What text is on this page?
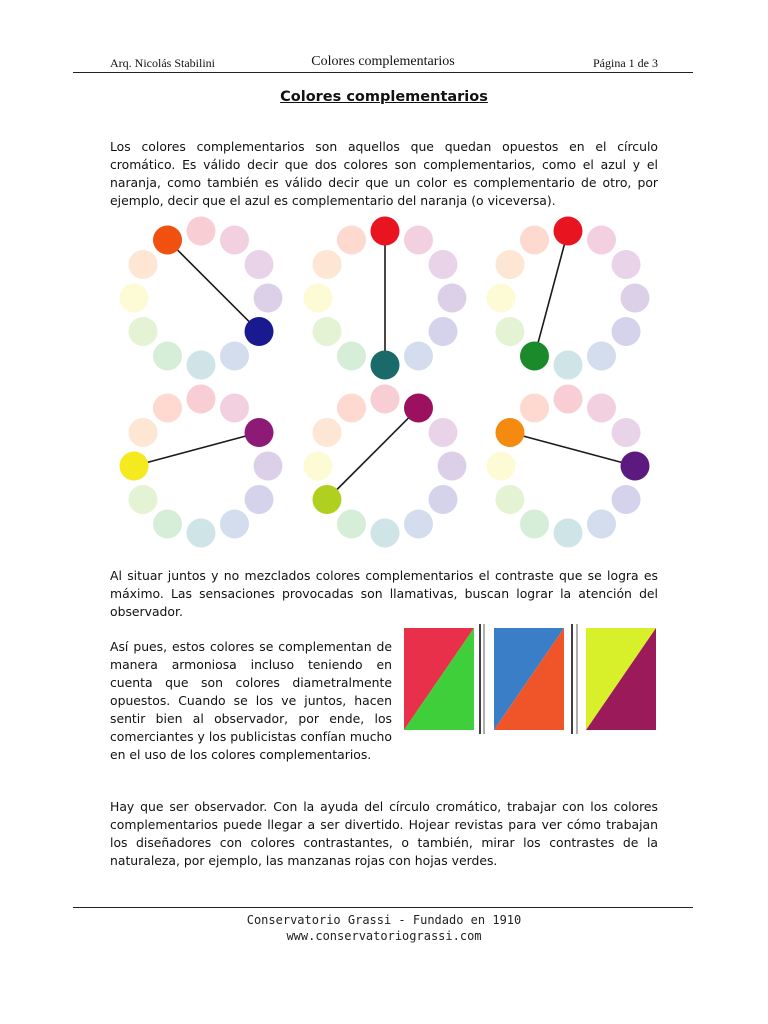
Arq. Nicolás Stabilini	Colores complementarios	Página 1 de 3
Colores complementarios

Los colores complementarios son aquellos que quedan opuestos en el círculo cromático. Es válido decir que dos colores son complementarios, como el azul y el naranja, como también es válido decir que un color es complementario de otro, por ejemplo, decir que el azul es complementario del naranja (o viceversa).

Al situar juntos y no mezclados colores complementarios el contraste que se logra es máximo. Las sensaciones provocadas son llamativas, buscan lograr la atención del observador.

Así pues, estos colores se complementan de manera armoniosa incluso teniendo en cuenta que son colores diametralmente opuestos. Cuando se los ve juntos, hacen sentir bien al observador, por ende, los comerciantes y los publicistas confían mucho en el uso de los colores complementarios.

Hay que ser observador. Con la ayuda del círculo cromático, trabajar con los colores complementarios puede llegar a ser divertido. Hojear revistas para ver cómo trabajan los diseñadores con colores contrastantes, o también, mirar los contrastes de la naturaleza, por ejemplo, las manzanas rojas con hojas verdes.

Conservatorio Grassi - Fundado en 1910
www.conservatoriograssi.com
